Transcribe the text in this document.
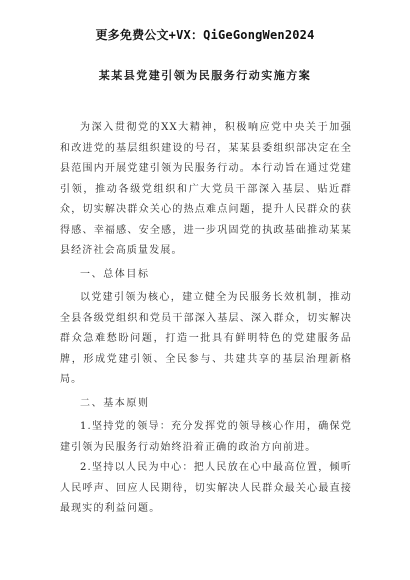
更多免费公文+VX：QiGeGongWen2024
某某县党建引领为民服务行动实施方案

为深入贯彻党的XX大精神，积极响应党中央关于加强和改进党的基层组织建设的号召，某某县委组织部决定在全县范围内开展党建引领为民服务行动。本行动旨在通过党建引领，推动各级党组织和广大党员干部深入基层、贴近群众，切实解决群众关心的热点难点问题，提升人民群众的获得感、幸福感、安全感，进一步巩固党的执政基础推动某某县经济社会高质量发展。

一、总体目标

以党建引领为核心，建立健全为民服务长效机制，推动全县各级党组织和党员干部深入基层、深入群众，切实解决群众急难愁盼问题，打造一批具有鲜明特色的党建服务品牌，形成党建引领、全民参与、共建共享的基层治理新格局。

二、基本原则

1.坚持党的领导：充分发挥党的领导核心作用，确保党建引领为民服务行动始终沿着正确的政治方向前进。

2.坚持以人民为中心：把人民放在心中最高位置，倾听人民呼声、回应人民期待，切实解决人民群众最关心最直接最现实的利益问题。
